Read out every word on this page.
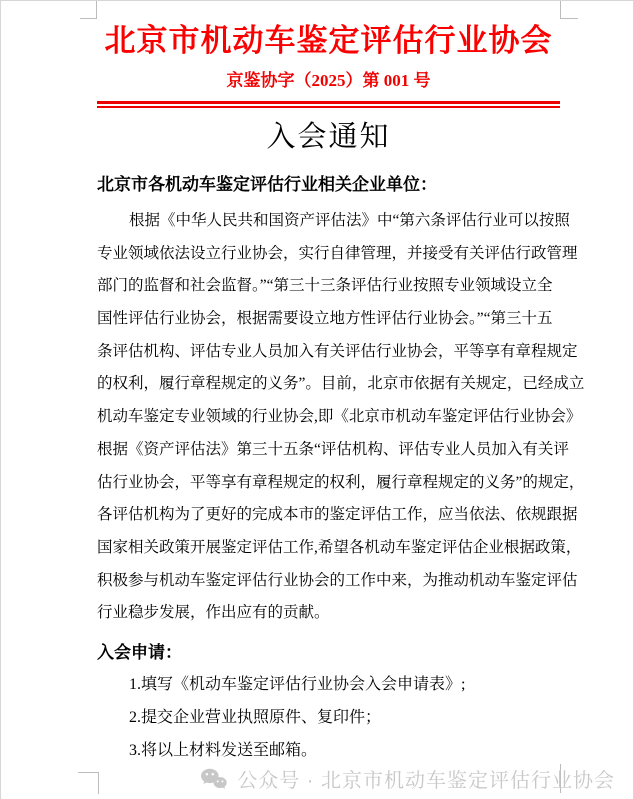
北京市机动车鉴定评估行业协会
京鉴协字（2025）第 001 号
入会通知
北京市各机动车鉴定评估行业相关企业单位：
根据《中华人民共和国资产评估法》中“第六条评估行业可以按照
专业领域依法设立行业协会，实行自律管理，并接受有关评估行政管理
部门的监督和社会监督。”“第三十三条评估行业按照专业领域设立全
国性评估行业协会，根据需要设立地方性评估行业协会。”“第三十五
条评估机构、评估专业人员加入有关评估行业协会，平等享有章程规定
的权利，履行章程规定的义务”。目前，北京市依据有关规定，已经成立
机动车鉴定专业领域的行业协会,即《北京市机动车鉴定评估行业协会》
根据《资产评估法》第三十五条“评估机构、评估专业人员加入有关评
估行业协会，平等享有章程规定的权利，履行章程规定的义务”的规定，
各评估机构为了更好的完成本市的鉴定评估工作，应当依法、依规跟据
国家相关政策开展鉴定评估工作,希望各机动车鉴定评估企业根据政策，
积极参与机动车鉴定评估行业协会的工作中来，为推动机动车鉴定评估
行业稳步发展，作出应有的贡献。
入会申请：
1.填写《机动车鉴定评估行业协会入会申请表》;
2.提交企业营业执照原件、复印件；
3.将以上材料发送至邮箱。
公众号 · 北京市机动车鉴定评估行业协会
